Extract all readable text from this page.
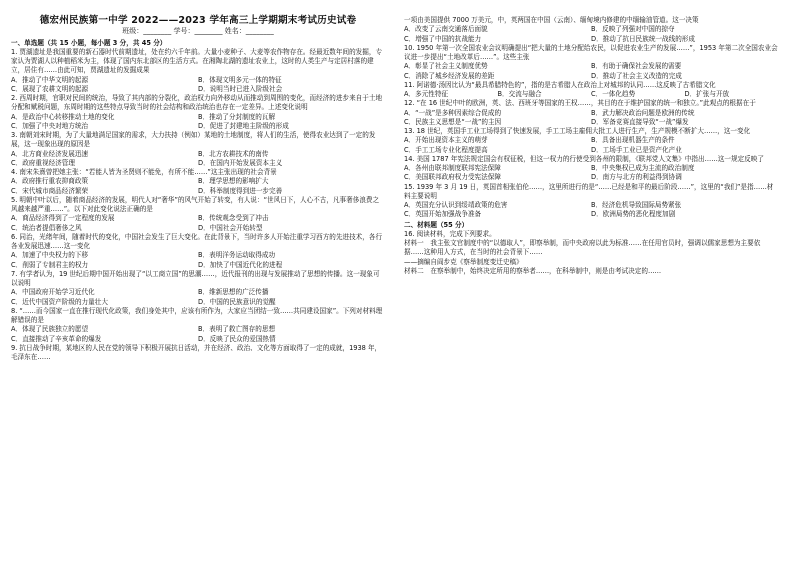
德宏州民族第一中学 2022——2023 学年高三上学期期末考试历史试卷
班级：________ 学号：________ 姓名：________
一、单选题（共 15 小题，每小题 3 分，共 45 分）
1. 贾湖遗址是我国重要的新石器时代前期遗址，处在约六千年前。大量小麦种子、大麦等农作物存在。经最近数年间的发掘，专家认为贾湖人以种植稻米为主，体现了国内东北部区的生活方式。在湘陶北湖的遗址农业上，这时的人类生产与定居村落的建立，居住有……由此可知，贾湖遗址的发掘成果
A．推动了中华文明的起源	B．体现文明多元一体的特征
C．展现了农耕文明的起源	D．说明当时已进入阶级社会
2. 西周时期，官职对民间的统治，导致了其内部的分裂化，政治权力向外移动从而推动到周围的变化，而经济的进步来自于土地分配和赋税问题，东周时期的这些特点导致当时的社会结构和政治统治也存在一定差异。上述变化说明
A．是政治中心转移推动土地的变化	B．推动了分封制度的瓦解
C．加强了中央对地方统治	D．促进了封建地主阶级的形成
3. 南朝刘宋时期，为了大量地满足国家的需求，大力扶持（例如）某地的土地制度，将人们的生活，使得农业达到了一定的发展，这一现象出现的原因是
A．北方商业经济发展迅速	B．北方农耕技术的南传
C．政府重视经济管理	D．在国内开始发展资本主义
4. 南宋朱熹曾把她主张：“若能人皆为圣贤则不能免，有所不能……”这主张出现的社会背景
A．政府推行重农抑商政策	B．理学思想的影响扩大
C．宋代城市商品经济繁荣	D．科举制度得到进一步完善
5. 明朝中叶以后，随着商品经济的发展，明代人对“奢华”的风气开始了转变，有人说：“世风日下，人心不古，凡事奢侈浪费之风越来越严重……”。以下对此变化说法正确的是
A．商品经济得到了一定程度的发展	B．传统观念受到了冲击
C．统治者提倡奢侈之风	D．中国社会开始转型
6. 同治，光绪年间，随着时代的变化，中国社会发生了巨大变化。在此背景下，当时许多人开始注重学习西方的先进技术，各行各业发展迅速……这一变化
A．加速了中央权力的下移	B．表明洋务运动取得成功
C．削弱了专制君主的权力	D．加快了中国近代化的进程
7. 有学者认为，19 世纪后期中国开始出现了“以工商立国”的思潮……，近代报刊的出现与发展推动了思想的传播。这一现象可以说明
A．中国政府开始学习近代化	B．维新思想的广泛传播
C．近代中国资产阶级的力量壮大	D．中国的民族意识的觉醒
8. “……而今国家一直在推行现代化政策，我们身处其中，应该有所作为，大家应当团结一致……共同建设国家”。下列对材料理解错误的是
A．体现了民族独立的愿望	B．表明了救亡图存的思想
C．直接推动了辛亥革命的爆发	D．反映了民众的爱国热情
9. 抗日战争时期，某地区的人民在党的领导下积极开展抗日活动，并在经济、政治、文化等方面取得了一定的成就，1938 年，毛泽东在……
一项由美国提供 7000 万美元，中，英两国在中国（云南）、缅甸境内修建的中缅输油管道。这一决策
A．改变了云南交通落后面貌	B．反映了列强对中国的掠夺
C．增强了中国的抗战能力	D．推动了抗日民族统一战线的形成
10. 1950 年第一次全国农业会议明确提出“把大量的土地分配给农民，以促进农业生产的发展……”，1953 年第二次全国农业会议进一步提出“土地改革后……”。这些主张
A．彰显了社会主义制度优势	B．有助于确保社会发展的需要
C．消除了城乡经济发展的差距	D．推动了社会主义改造的完成
11. 阿诺德·汤因比认为“最具希腊特色的”，指的是古希腊人在政治上对城邦的认同……这反映了古希腊文化
A．多元性特征	B．交流与融合	C．一体化趋势	D．扩张与开放
12. “在 16 世纪中叶的欧洲，英、法、西班牙等国家的王权……，其目的在于维护国家的统一和独立。”此观点的根据在于
A．“一战”是多种因素综合促成的	B．武力解决政治问题是欧洲的传统
C．民族主义思想是“一战”的主因	D．军备竞赛直接导致“一战”爆发
13. 18 世纪，英国手工业工场得到了快速发展，手工工场主雇佣大批工人进行生产，生产规模不断扩大……，这一变化
A．开始出现资本主义的萌芽	B．具备出现机器生产的条件
C．手工工场专业化程度提高	D．工场手工业已是资产化产业
14. 美国 1787 年宪法规定国会有权征税，但这一权力的行使受到各州的限制，《联邦党人文集》中指出……这一规定反映了
A．各州由联邦制度联邦宪法保障	B．中央集权已成为主流的政治制度
C．美国联邦政府权力受宪法保障	D．南方与北方的利益得到协调
15. 1939 年 3 月 19 日，英国首相张伯伦……，这里所进行的是“……已经是和平的最后阶段……”，这里的“我们”是指……材料主要说明
A．英国充分认识到绥靖政策的危害	B．经济危机导致国际局势紧张
C．英国开始加强战争准备	D．欧洲局势的恶化程度加剧
二、材料题（55 分）
16. 阅读材料，完成下列要求。
材料一　我主张文官制度中的“以德取人”，即察举制，而中央政府以此为标准……在任用官员时，强调以儒家思想为主要依据……这种用人方式，在当时的社会背景下……
——摘编自阎步克《察举制度变迁史稿》
材料二　在察举制中，始终决定所用的察举者……，在科举制中，则是由考试决定的……
